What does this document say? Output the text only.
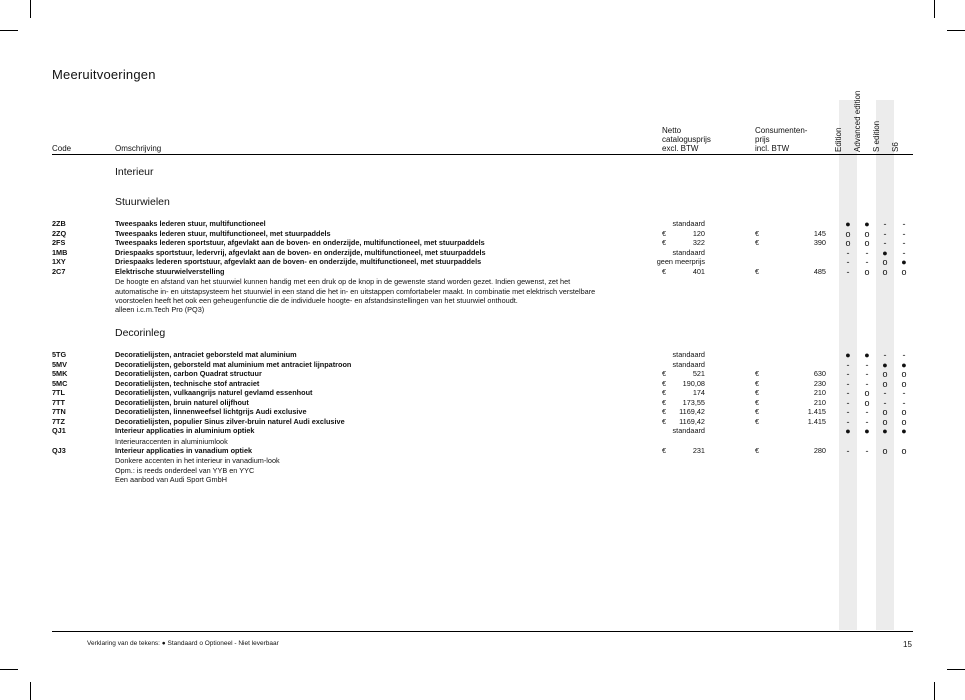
Meeruitvoeringen
Code	Omschrijving
Netto
catalogusprijs
excl. BTW
Consumenten-
prijs
incl. BTW	Edition Advanced edition S edition S6
Interieur
Stuurwielen
Decorinleg
2ZB	Tweespaaks lederen stuur, multifunctioneel	standaard	●	●	-	-
2ZQ	Tweespaaks lederen stuur, multifunctioneel, met stuurpaddels	€	120	€	145	o	o	-	-
2FS	Tweespaaks lederen sportstuur, afgevlakt aan de boven- en onderzijde, multifunctioneel, met stuurpaddels	€	322	€	390	o	o	-	-
1MB	Driespaaks sportstuur, ledervrij, afgevlakt aan de boven- en onderzijde, multifunctioneel, met stuurpaddels	standaard	-	-	●	-
1XY	Driespaaks lederen sportstuur, afgevlakt aan de boven- en onderzijde, multifunctioneel, met stuurpaddels	geen meerprijs	-	-	o	●
2C7	Elektrische stuurwielverstelling	€	401	€	485	-	o	o	o
5TG	Decoratielijsten, antraciet geborsteld mat aluminium	standaard	●	●	-	-
5MV	Decoratielijsten, geborsteld mat aluminium met antraciet lijnpatroon	standaard	-	-	●	●
5MK	Decoratielijsten, carbon Quadrat structuur	€	521	€	630	-	-	o	o
5MC	Decoratielijsten, technische stof antraciet	€ 190,08	€	230	-	-	o	o
7TL	Decoratielijsten, vulkaangrijs naturel gevlamd essenhout	€	174	€	210	-	o	-	-
7TT	Decoratielijsten, bruin naturel olijfhout	€ 173,55	€	210	-	o	-	-
7TN	Decoratielijsten, linnenweefsel lichtgrijs Audi exclusive	€ 1169,42	€	1.415	-	-	o	o
7TZ	Decoratielijsten, populier Sinus zilver-bruin naturel Audi exclusive	€ 1169,42	€	1.415	-	-	o	o
QJ1	Interieur applicaties in aluminium optiek	standaard	●	●	●	●
QJ3	Interieur applicaties in vanadium optiek	€	231	€	280	-	-	o	o
De hoogte en afstand van het stuurwiel kunnen handig met een druk op de knop in de gewenste stand worden gezet. Indien gewenst, zet het automatische in- en uitstapsysteem het stuurwiel in een stand die het in- en uitstappen comfortabeler maakt. In combinatie met elektrisch verstelbare voorstoelen heeft het ook een geheugenfunctie die de individuele hoogte- en afstandsinstellingen van het stuurwiel onthoudt.
alleen i.c.m.Tech Pro (PQ3)
Interieuraccenten in aluminiumlook
Donkere accenten in het interieur in vanadium-look
Opm.: is reeds onderdeel van YYB en YYC
Een aanbod van Audi Sport GmbH
Verklaring van de tekens: ● Standaard o Optioneel - Niet leverbaar	15
